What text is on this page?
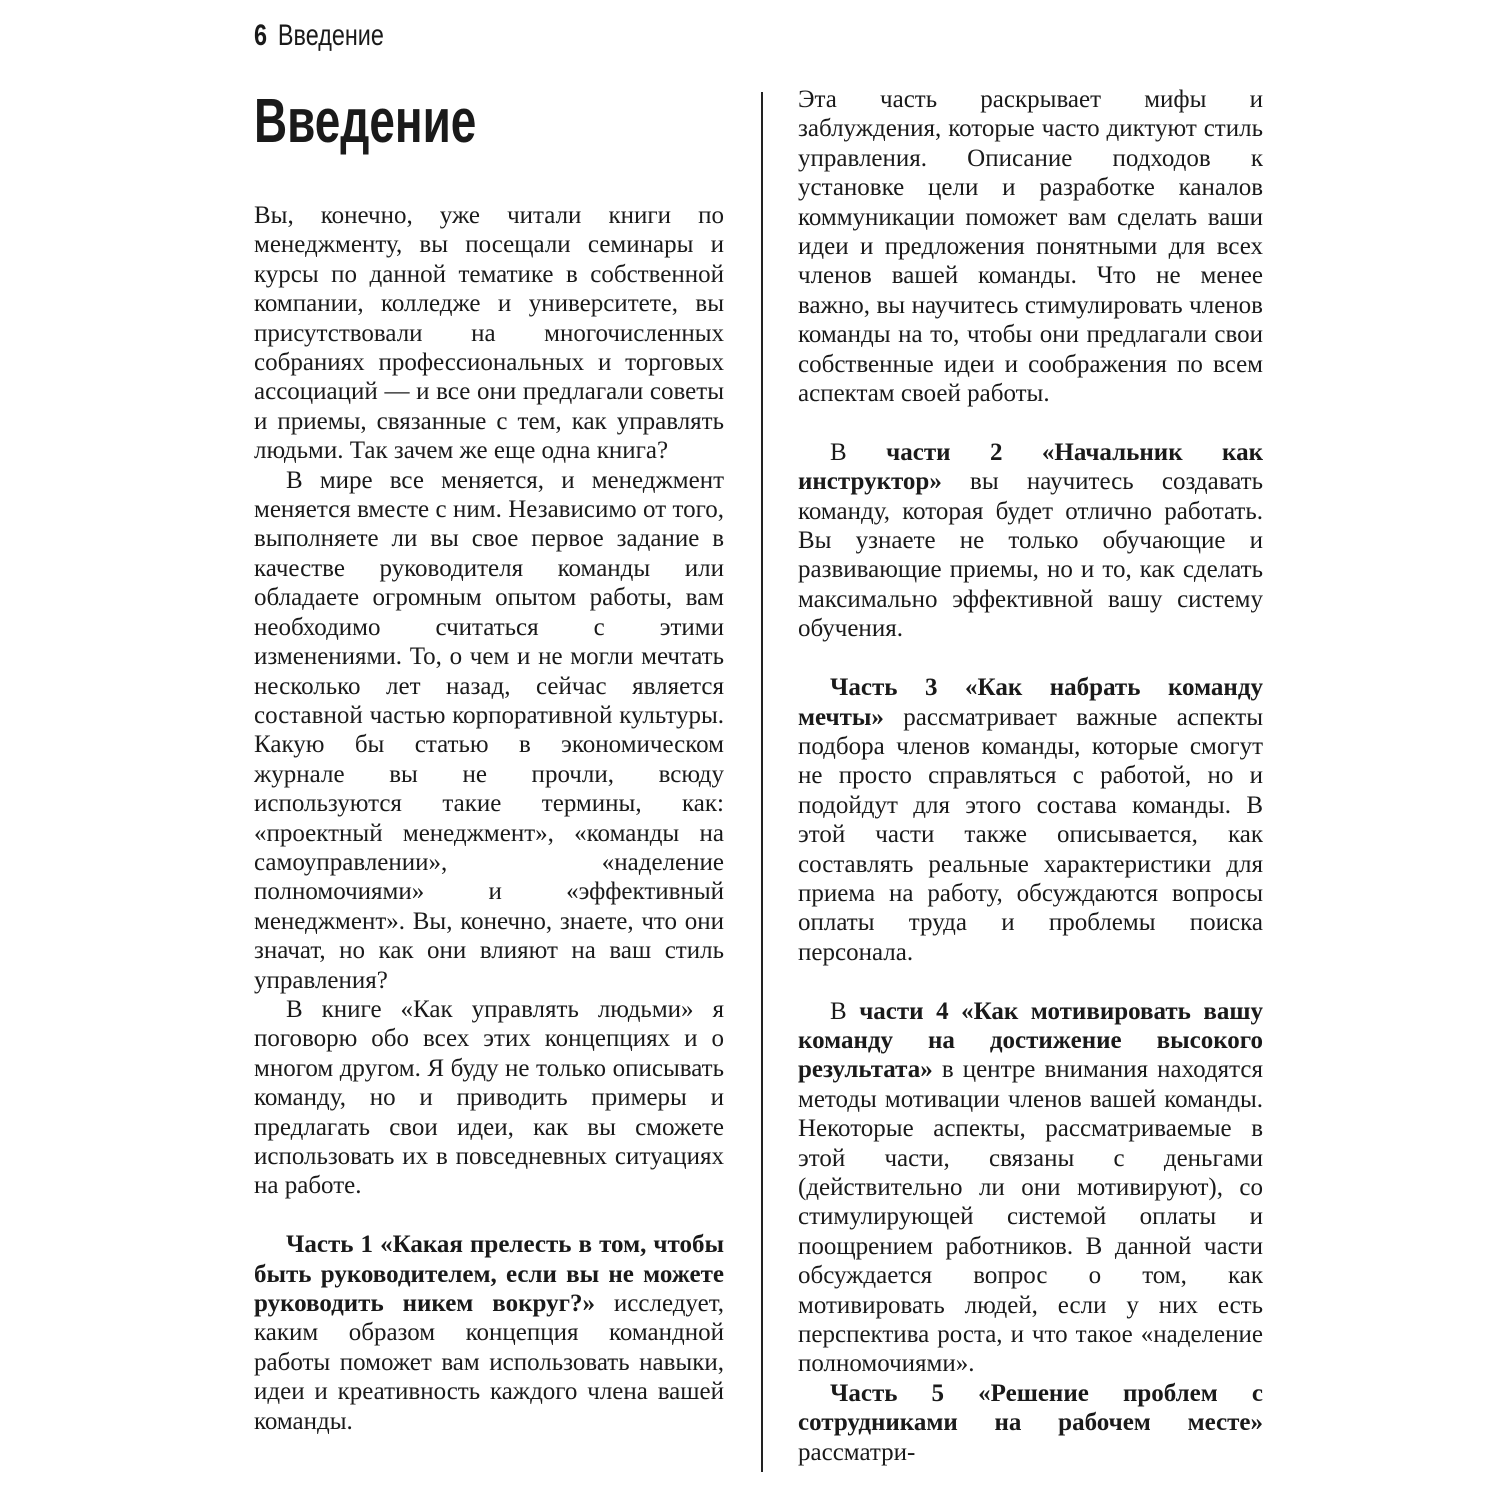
6 Введение
Введение

Вы, конечно, уже читали книги по менеджменту, вы посещали семинары и курсы по данной тематике в собственной компании, колледже и университете, вы присутствовали на многочисленных собраниях профессиональных и торговых ассоциаций — и все они предлагали советы и приемы, связанные с тем, как управлять людьми. Так зачем же еще одна книга?

В мире все меняется, и менеджмент меняется вместе с ним. Независимо от того, выполняете ли вы свое первое задание в качестве руководителя команды или обладаете огромным опытом работы, вам необходимо считаться с этими изменениями. То, о чем и не могли мечтать несколько лет назад, сейчас является составной частью корпоративной культуры. Какую бы статью в экономическом журнале вы не прочли, всюду используются такие термины, как: «проектный менеджмент», «команды на самоуправлении», «наделение полномочиями» и «эффективный менеджмент». Вы, конечно, знаете, что они значат, но как они влияют на ваш стиль управления?

В книге «Как управлять людьми» я поговорю обо всех этих концепциях и о многом другом. Я буду не только описывать команду, но и приводить примеры и предлагать свои идеи, как вы сможете использовать их в повседневных ситуациях на работе.

Часть 1 «Какая прелесть в том, чтобы быть руководителем, если вы не можете руководить никем вокруг?» исследует, каким образом концепция командной работы поможет вам использовать навыки, идеи и креативность каждого члена вашей команды.

Эта часть раскрывает мифы и заблуждения, которые часто диктуют стиль управления. Описание подходов к установке цели и разработке каналов коммуникации поможет вам сделать ваши идеи и предложения понятными для всех членов вашей команды. Что не менее важно, вы научитесь стимулировать членов команды на то, чтобы они предлагали свои собственные идеи и соображения по всем аспектам своей работы.

В части 2 «Начальник как инструктор» вы научитесь создавать команду, которая будет отлично работать. Вы узнаете не только обучающие и развивающие приемы, но и то, как сделать максимально эффективной вашу систему обучения.

Часть 3 «Как набрать команду мечты» рассматривает важные аспекты подбора членов команды, которые смогут не просто справляться с работой, но и подойдут для этого состава команды. В этой части также описывается, как составлять реальные характеристики для приема на работу, обсуждаются вопросы оплаты труда и проблемы поиска персонала.

В части 4 «Как мотивировать вашу команду на достижение высокого результата» в центре внимания находятся методы мотивации членов вашей команды. Некоторые аспекты, рассматриваемые в этой части, связаны с деньгами (действительно ли они мотивируют), со стимулирующей системой оплаты и поощрением работников. В данной части обсуждается вопрос о том, как мотивировать людей, если у них есть перспектива роста, и что такое «наделение полномочиями».

Часть 5 «Решение проблем с сотрудниками на рабочем месте» рассматри-
